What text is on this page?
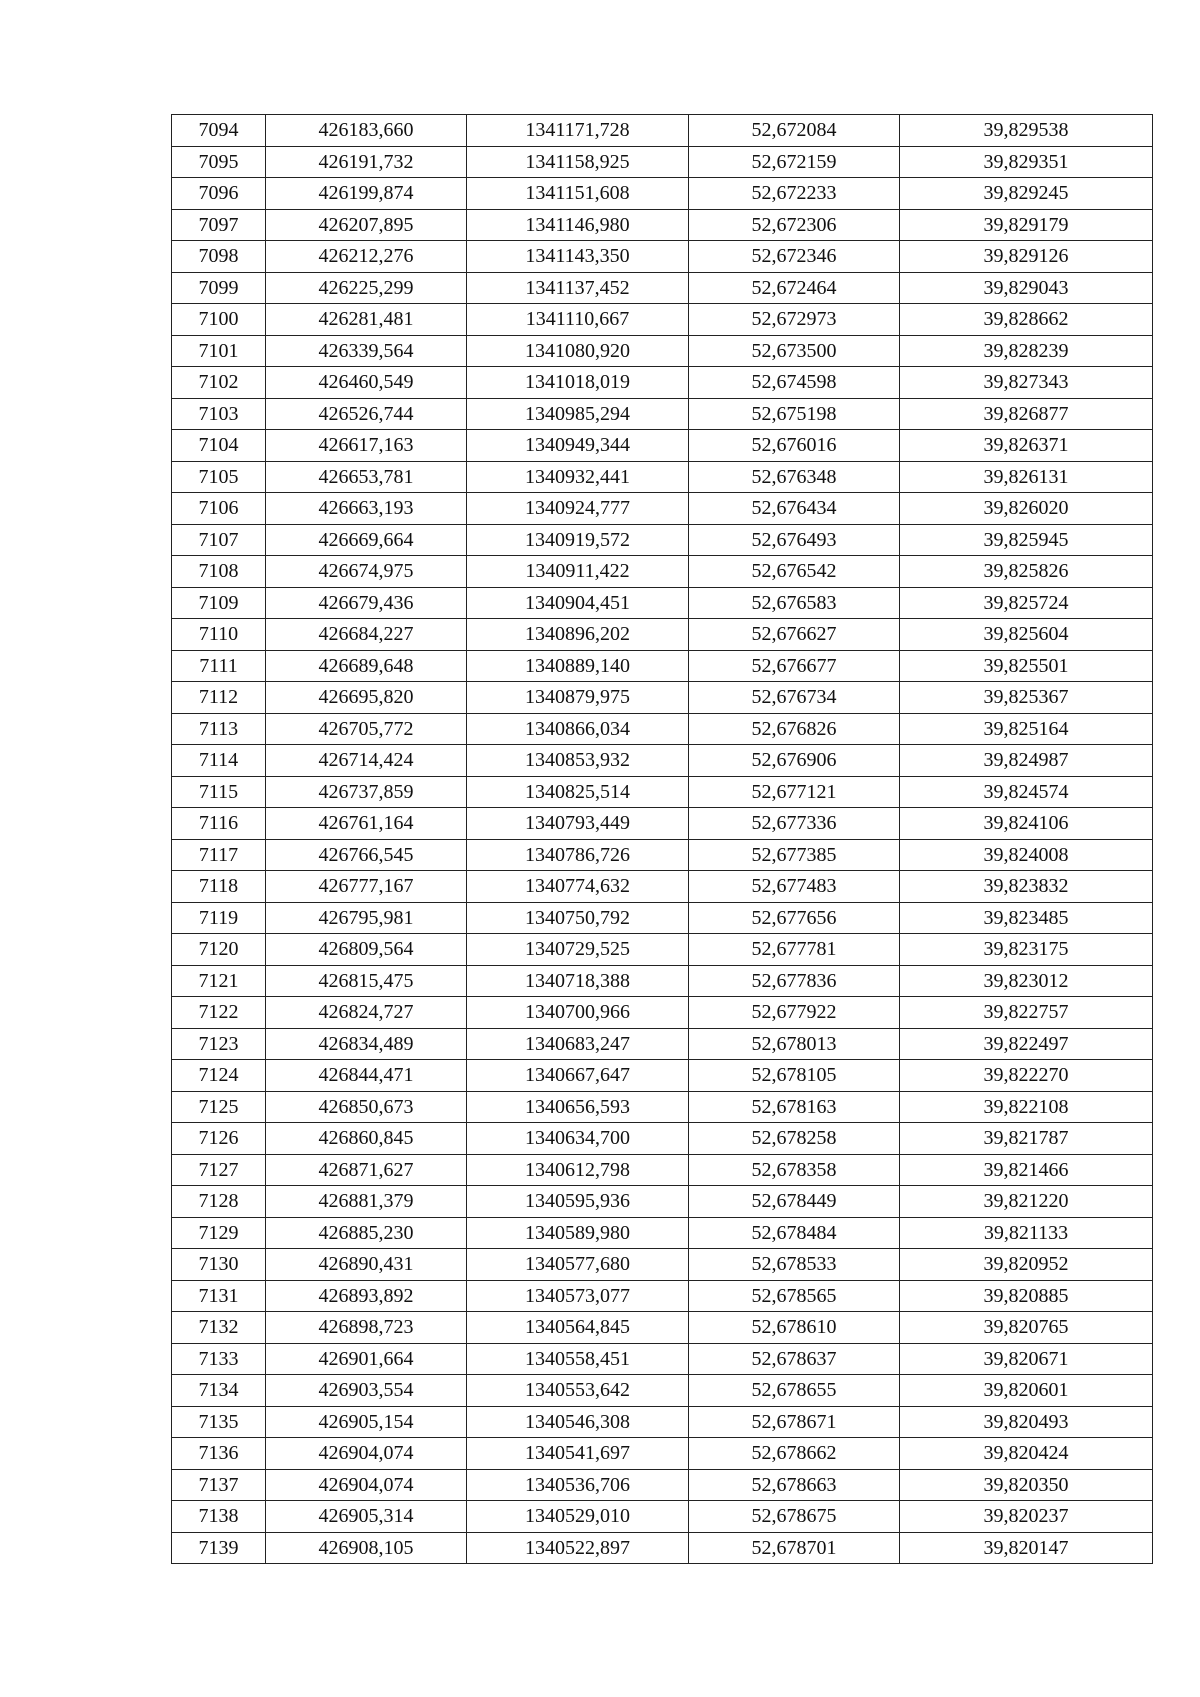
7094	426183,660	1341171,728	52,672084	39,829538
7095	426191,732	1341158,925	52,672159	39,829351
7096	426199,874	1341151,608	52,672233	39,829245
7097	426207,895	1341146,980	52,672306	39,829179
7098	426212,276	1341143,350	52,672346	39,829126
7099	426225,299	1341137,452	52,672464	39,829043
7100	426281,481	1341110,667	52,672973	39,828662
7101	426339,564	1341080,920	52,673500	39,828239
7102	426460,549	1341018,019	52,674598	39,827343
7103	426526,744	1340985,294	52,675198	39,826877
7104	426617,163	1340949,344	52,676016	39,826371
7105	426653,781	1340932,441	52,676348	39,826131
7106	426663,193	1340924,777	52,676434	39,826020
7107	426669,664	1340919,572	52,676493	39,825945
7108	426674,975	1340911,422	52,676542	39,825826
7109	426679,436	1340904,451	52,676583	39,825724
7110	426684,227	1340896,202	52,676627	39,825604
7111	426689,648	1340889,140	52,676677	39,825501
7112	426695,820	1340879,975	52,676734	39,825367
7113	426705,772	1340866,034	52,676826	39,825164
7114	426714,424	1340853,932	52,676906	39,824987
7115	426737,859	1340825,514	52,677121	39,824574
7116	426761,164	1340793,449	52,677336	39,824106
7117	426766,545	1340786,726	52,677385	39,824008
7118	426777,167	1340774,632	52,677483	39,823832
7119	426795,981	1340750,792	52,677656	39,823485
7120	426809,564	1340729,525	52,677781	39,823175
7121	426815,475	1340718,388	52,677836	39,823012
7122	426824,727	1340700,966	52,677922	39,822757
7123	426834,489	1340683,247	52,678013	39,822497
7124	426844,471	1340667,647	52,678105	39,822270
7125	426850,673	1340656,593	52,678163	39,822108
7126	426860,845	1340634,700	52,678258	39,821787
7127	426871,627	1340612,798	52,678358	39,821466
7128	426881,379	1340595,936	52,678449	39,821220
7129	426885,230	1340589,980	52,678484	39,821133
7130	426890,431	1340577,680	52,678533	39,820952
7131	426893,892	1340573,077	52,678565	39,820885
7132	426898,723	1340564,845	52,678610	39,820765
7133	426901,664	1340558,451	52,678637	39,820671
7134	426903,554	1340553,642	52,678655	39,820601
7135	426905,154	1340546,308	52,678671	39,820493
7136	426904,074	1340541,697	52,678662	39,820424
7137	426904,074	1340536,706	52,678663	39,820350
7138	426905,314	1340529,010	52,678675	39,820237
7139	426908,105	1340522,897	52,678701	39,820147
